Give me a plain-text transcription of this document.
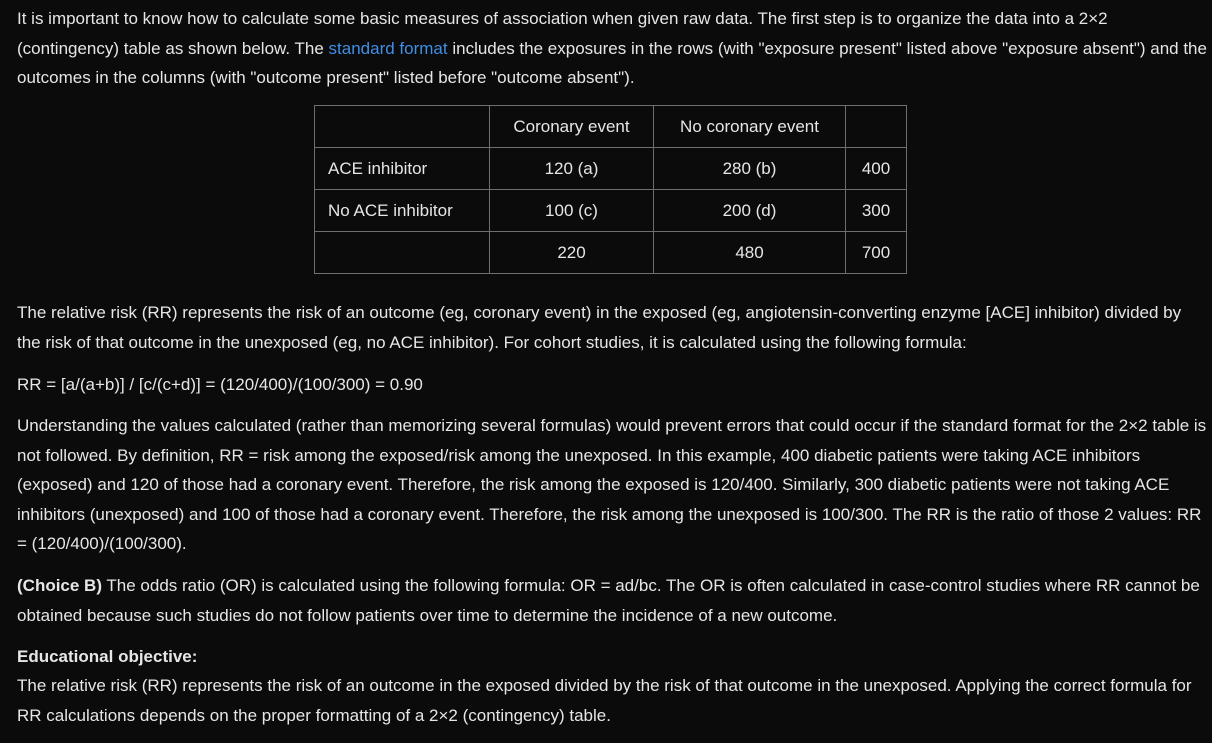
It is important to know how to calculate some basic measures of association when given raw data. The first step is to organize the data into a 2×2 (contingency) table as shown below. The standard format includes the exposures in the rows (with "exposure present" listed above "exposure absent") and the outcomes in the columns (with "outcome present" listed before "outcome absent").

	Coronary event	No coronary event	
ACE inhibitor	120 (a)	280 (b)	400
No ACE inhibitor	100 (c)	200 (d)	300
	220	480	700

The relative risk (RR) represents the risk of an outcome (eg, coronary event) in the exposed (eg, angiotensin-converting enzyme [ACE] inhibitor) divided by the risk of that outcome in the unexposed (eg, no ACE inhibitor). For cohort studies, it is calculated using the following formula:

RR = [a/(a+b)] / [c/(c+d)] = (120/400)/(100/300) = 0.90

Understanding the values calculated (rather than memorizing several formulas) would prevent errors that could occur if the standard format for the 2×2 table is not followed. By definition, RR = risk among the exposed/risk among the unexposed. In this example, 400 diabetic patients were taking ACE inhibitors (exposed) and 120 of those had a coronary event. Therefore, the risk among the exposed is 120/400. Similarly, 300 diabetic patients were not taking ACE inhibitors (unexposed) and 100 of those had a coronary event. Therefore, the risk among the unexposed is 100/300. The RR is the ratio of those 2 values: RR = (120/400)/(100/300).

(Choice B) The odds ratio (OR) is calculated using the following formula: OR = ad/bc. The OR is often calculated in case-control studies where RR cannot be obtained because such studies do not follow patients over time to determine the incidence of a new outcome.

Educational objective:

The relative risk (RR) represents the risk of an outcome in the exposed divided by the risk of that outcome in the unexposed. Applying the correct formula for RR calculations depends on the proper formatting of a 2×2 (contingency) table.
